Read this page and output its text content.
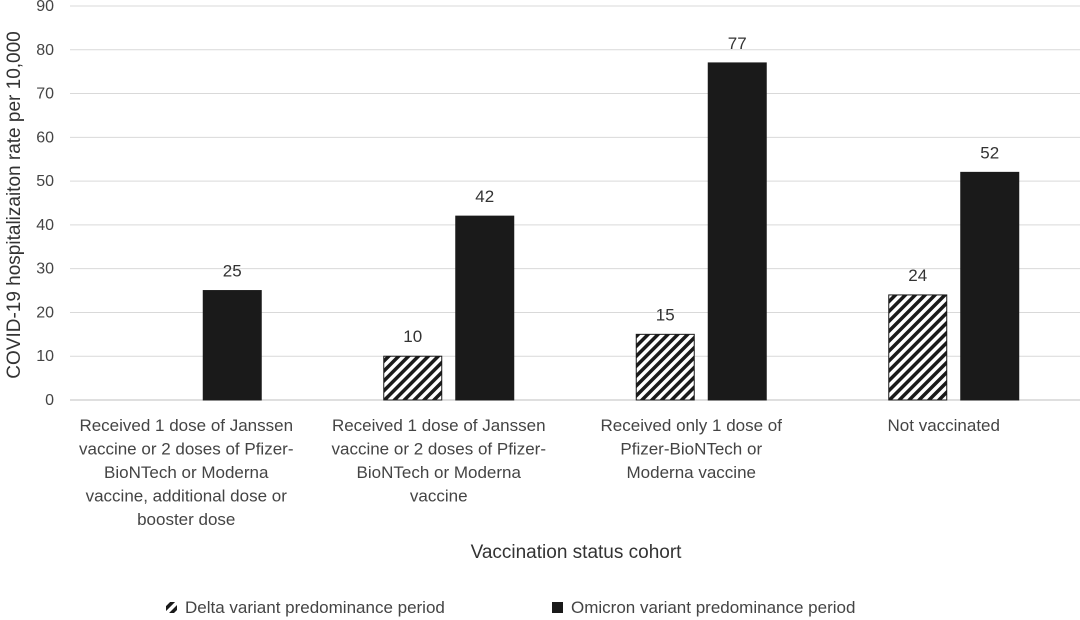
0
10
20
30
40
50
60
70
80
90
10
15
24
25
42
77
52
Received 1 dose of Janssen
vaccine or 2 doses of Pfizer-
BioNTech or Moderna
vaccine, additional dose or
booster dose
Received 1 dose of Janssen
vaccine or 2 doses of Pfizer-
BioNTech or Moderna
vaccine
Received only 1 dose of
Pfizer-BioNTech or
Moderna vaccine
Not vaccinated
COVID-19 hospitalizaiton rate per 10,000
Vaccination status cohort
Delta variant predominance period	Omicron variant predominance period
